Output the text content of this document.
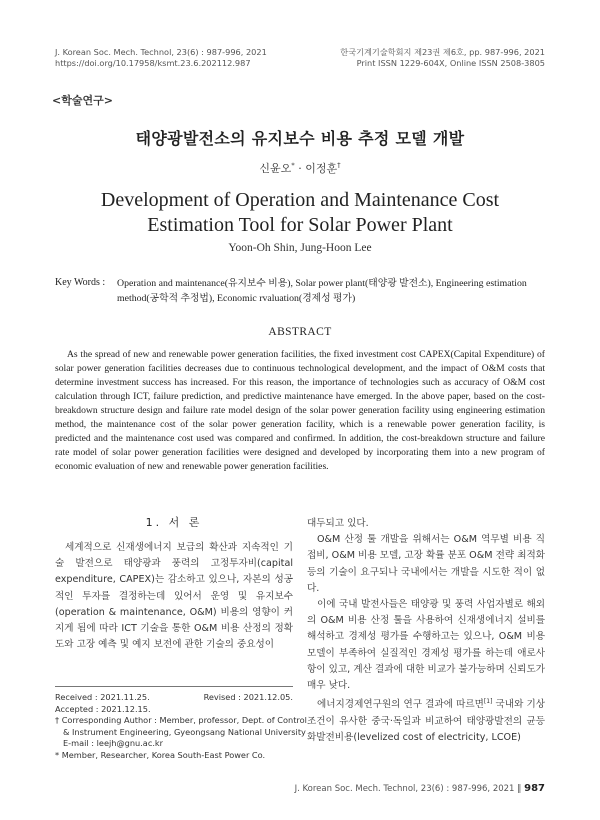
J. Korean Soc. Mech. Technol, 23(6) : 987-996, 2021
https://doi.org/10.17958/ksmt.23.6.202112.987
한국기계기술학회지 제23권 제6호, pp. 987-996, 2021
Print ISSN 1229-604X, Online ISSN 2508-3805
<학술연구>
태양광발전소의 유지보수 비용 추정 모델 개발
신윤오* · 이정훈†
Development of Operation and Maintenance Cost
Estimation Tool for Solar Power Plant
Yoon-Oh Shin, Jung-Hoon Lee
Key Words : Operation and maintenance(유지보수 비용), Solar power plant(태양광 발전소), Engineering estimation method(공학적 추정법), Economic rvaluation(경제성 평가)
ABSTRACT
As the spread of new and renewable power generation facilities, the fixed investment cost CAPEX(Capital Expenditure) of solar power generation facilities decreases due to continuous technological development, and the impact of O&M costs that determine investment success has increased. For this reason, the importance of technologies such as accuracy of O&M cost calculation through ICT, failure prediction, and predictive maintenance have emerged. In the above paper, based on the cost-breakdown structure design and failure rate model design of the solar power generation facility using engineering estimation method, the maintenance cost of the solar power generation facility, which is a renewable power generation facility, is predicted and the maintenance cost used was compared and confirmed. In addition, the cost-breakdown structure and failure rate model of solar power generation facilities were designed and developed by incorporating them into a new program of economic evaluation of new and renewable power generation facilities.
1. 서 론

세계적으로 신재생에너지 보급의 확산과 지속적인 기술 발전으로 태양광과 풍력의 고정투자비(capital expenditure, CAPEX)는 감소하고 있으나, 자본의 성공적인 투자를 결정하는데 있어서 운영 및 유지보수(operation & maintenance, O&M) 비용의 영향이 커지게 됨에 따라 ICT 기술을 통한 O&M 비용 산정의 정확도와 고장 예측 및 예지 보전에 관한 기술의 중요성이

Received : 2021.11.25.	Revised : 2021.12.05.
Accepted : 2021.12.15.
† Corresponding Author : Member, professor, Dept. of Control
& Instrument Engineering, Gyeongsang National University
E-mail : leejh@gnu.ac.kr
* Member, Researcher, Korea South-East Power Co.
대두되고 있다.

O&M 산정 툴 개발을 위해서는 O&M 역무별 비용 직접비, O&M 비용 모델, 고장 확률 분포 O&M 전략 최적화 등의 기술이 요구되나 국내에서는 개발을 시도한 적이 없다.

이에 국내 발전사들은 태양광 및 풍력 사업자별로 해외의 O&M 비용 산정 툴을 사용하여 신재생에너지 설비를 해석하고 경제성 평가를 수행하고는 있으나, O&M 비용 모델이 부족하여 실질적인 경제성 평가를 하는데 애로사항이 있고, 계산 결과에 대한 비교가 불가능하며 신뢰도가 매우 낮다.

에너지경제연구원의 연구 결과에 따르면[1] 국내와 기상 조건이 유사한 중국·독일과 비교하여 태양광발전의 균등화발전비용(levelized cost of electricity, LCOE)

J. Korean Soc. Mech. Technol, 23(6) : 987-996, 2021 ‖ 987
